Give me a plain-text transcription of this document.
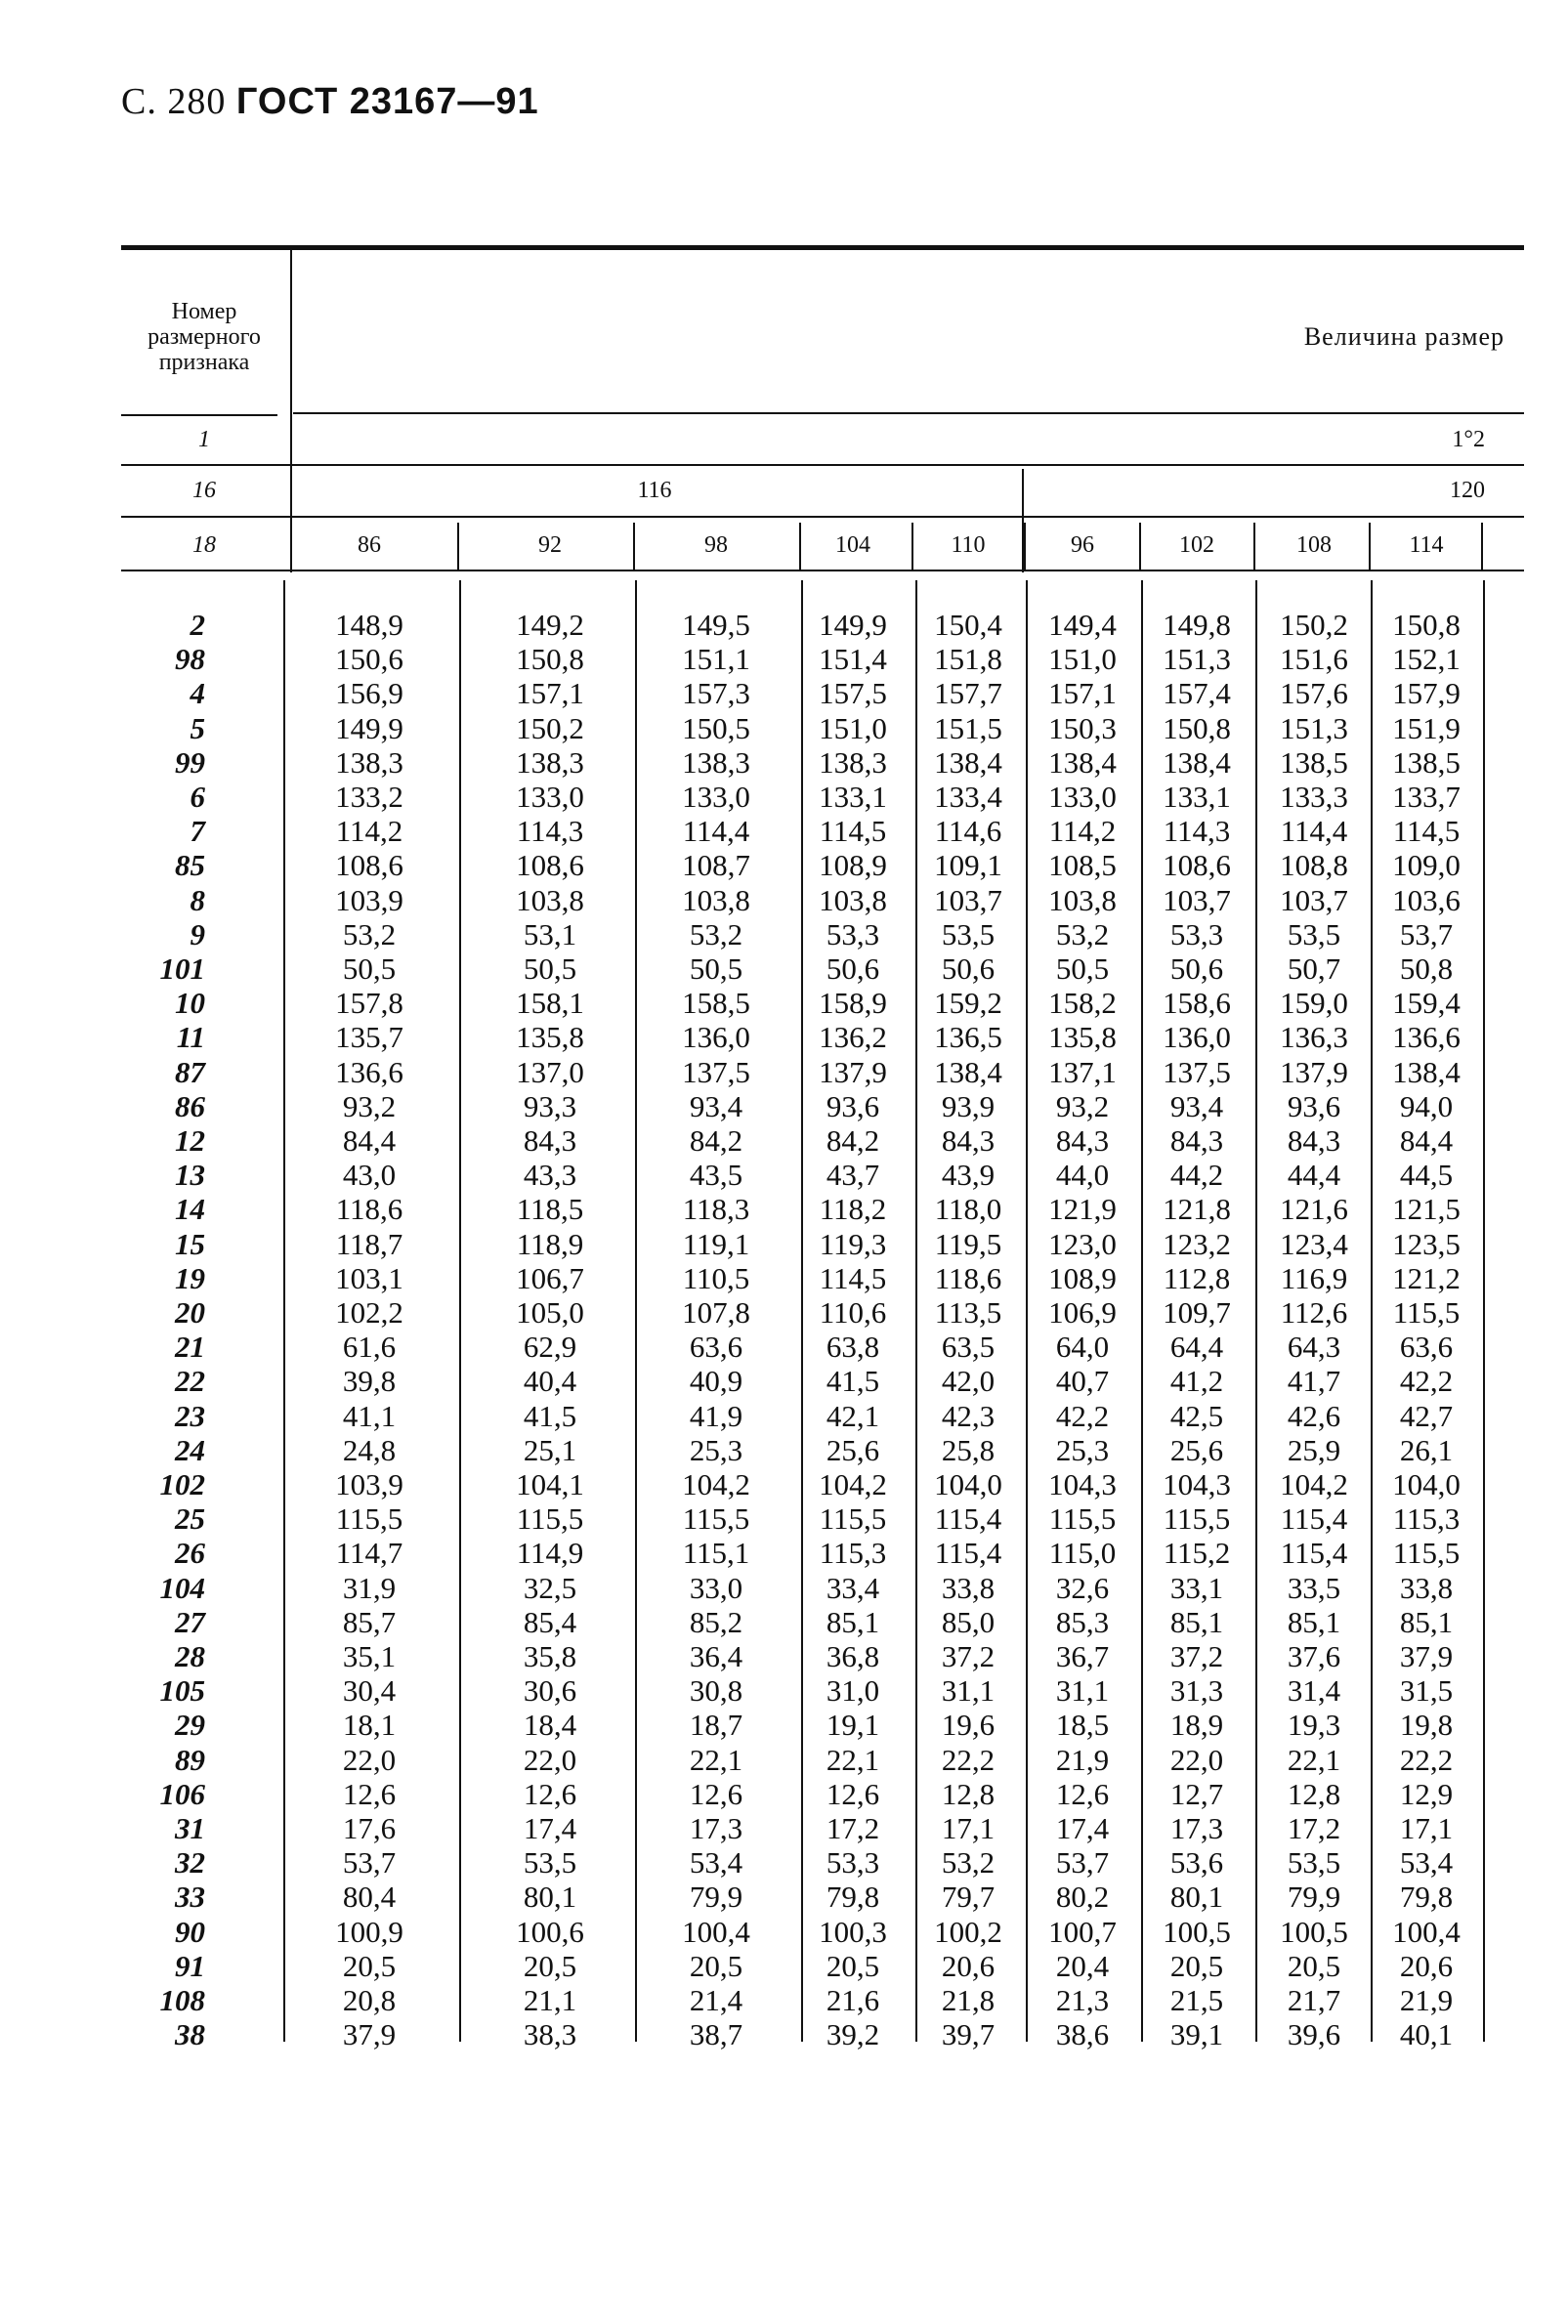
С. 280 ГОСТ 23167—91
Номер
размерного
признака
Величина размер
1	1°2
16	116	120
18	86	92	98	104	110	96	102	108	114
2	148,9	149,2	149,5	149,9	150,4	149,4	149,8	150,2	150,8
98	150,6	150,8	151,1	151,4	151,8	151,0	151,3	151,6	152,1
4	156,9	157,1	157,3	157,5	157,7	157,1	157,4	157,6	157,9
5	149,9	150,2	150,5	151,0	151,5	150,3	150,8	151,3	151,9
99	138,3	138,3	138,3	138,3	138,4	138,4	138,4	138,5	138,5
6	133,2	133,0	133,0	133,1	133,4	133,0	133,1	133,3	133,7
7	114,2	114,3	114,4	114,5	114,6	114,2	114,3	114,4	114,5
85	108,6	108,6	108,7	108,9	109,1	108,5	108,6	108,8	109,0
8	103,9	103,8	103,8	103,8	103,7	103,8	103,7	103,7	103,6
9	53,2	53,1	53,2	53,3	53,5	53,2	53,3	53,5	53,7
101	50,5	50,5	50,5	50,6	50,6	50,5	50,6	50,7	50,8
10	157,8	158,1	158,5	158,9	159,2	158,2	158,6	159,0	159,4
11	135,7	135,8	136,0	136,2	136,5	135,8	136,0	136,3	136,6
87	136,6	137,0	137,5	137,9	138,4	137,1	137,5	137,9	138,4
86	93,2	93,3	93,4	93,6	93,9	93,2	93,4	93,6	94,0
12	84,4	84,3	84,2	84,2	84,3	84,3	84,3	84,3	84,4
13	43,0	43,3	43,5	43,7	43,9	44,0	44,2	44,4	44,5
14	118,6	118,5	118,3	118,2	118,0	121,9	121,8	121,6	121,5
15	118,7	118,9	119,1	119,3	119,5	123,0	123,2	123,4	123,5
19	103,1	106,7	110,5	114,5	118,6	108,9	112,8	116,9	121,2
20	102,2	105,0	107,8	110,6	113,5	106,9	109,7	112,6	115,5
21	61,6	62,9	63,6	63,8	63,5	64,0	64,4	64,3	63,6
22	39,8	40,4	40,9	41,5	42,0	40,7	41,2	41,7	42,2
23	41,1	41,5	41,9	42,1	42,3	42,2	42,5	42,6	42,7
24	24,8	25,1	25,3	25,6	25,8	25,3	25,6	25,9	26,1
102	103,9	104,1	104,2	104,2	104,0	104,3	104,3	104,2	104,0
25	115,5	115,5	115,5	115,5	115,4	115,5	115,5	115,4	115,3
26	114,7	114,9	115,1	115,3	115,4	115,0	115,2	115,4	115,5
104	31,9	32,5	33,0	33,4	33,8	32,6	33,1	33,5	33,8
27	85,7	85,4	85,2	85,1	85,0	85,3	85,1	85,1	85,1
28	35,1	35,8	36,4	36,8	37,2	36,7	37,2	37,6	37,9
105	30,4	30,6	30,8	31,0	31,1	31,1	31,3	31,4	31,5
29	18,1	18,4	18,7	19,1	19,6	18,5	18,9	19,3	19,8
89	22,0	22,0	22,1	22,1	22,2	21,9	22,0	22,1	22,2
106	12,6	12,6	12,6	12,6	12,8	12,6	12,7	12,8	12,9
31	17,6	17,4	17,3	17,2	17,1	17,4	17,3	17,2	17,1
32	53,7	53,5	53,4	53,3	53,2	53,7	53,6	53,5	53,4
33	80,4	80,1	79,9	79,8	79,7	80,2	80,1	79,9	79,8
90	100,9	100,6	100,4	100,3	100,2	100,7	100,5	100,5	100,4
91	20,5	20,5	20,5	20,5	20,6	20,4	20,5	20,5	20,6
108	20,8	21,1	21,4	21,6	21,8	21,3	21,5	21,7	21,9
38	37,9	38,3	38,7	39,2	39,7	38,6	39,1	39,6	40,1
